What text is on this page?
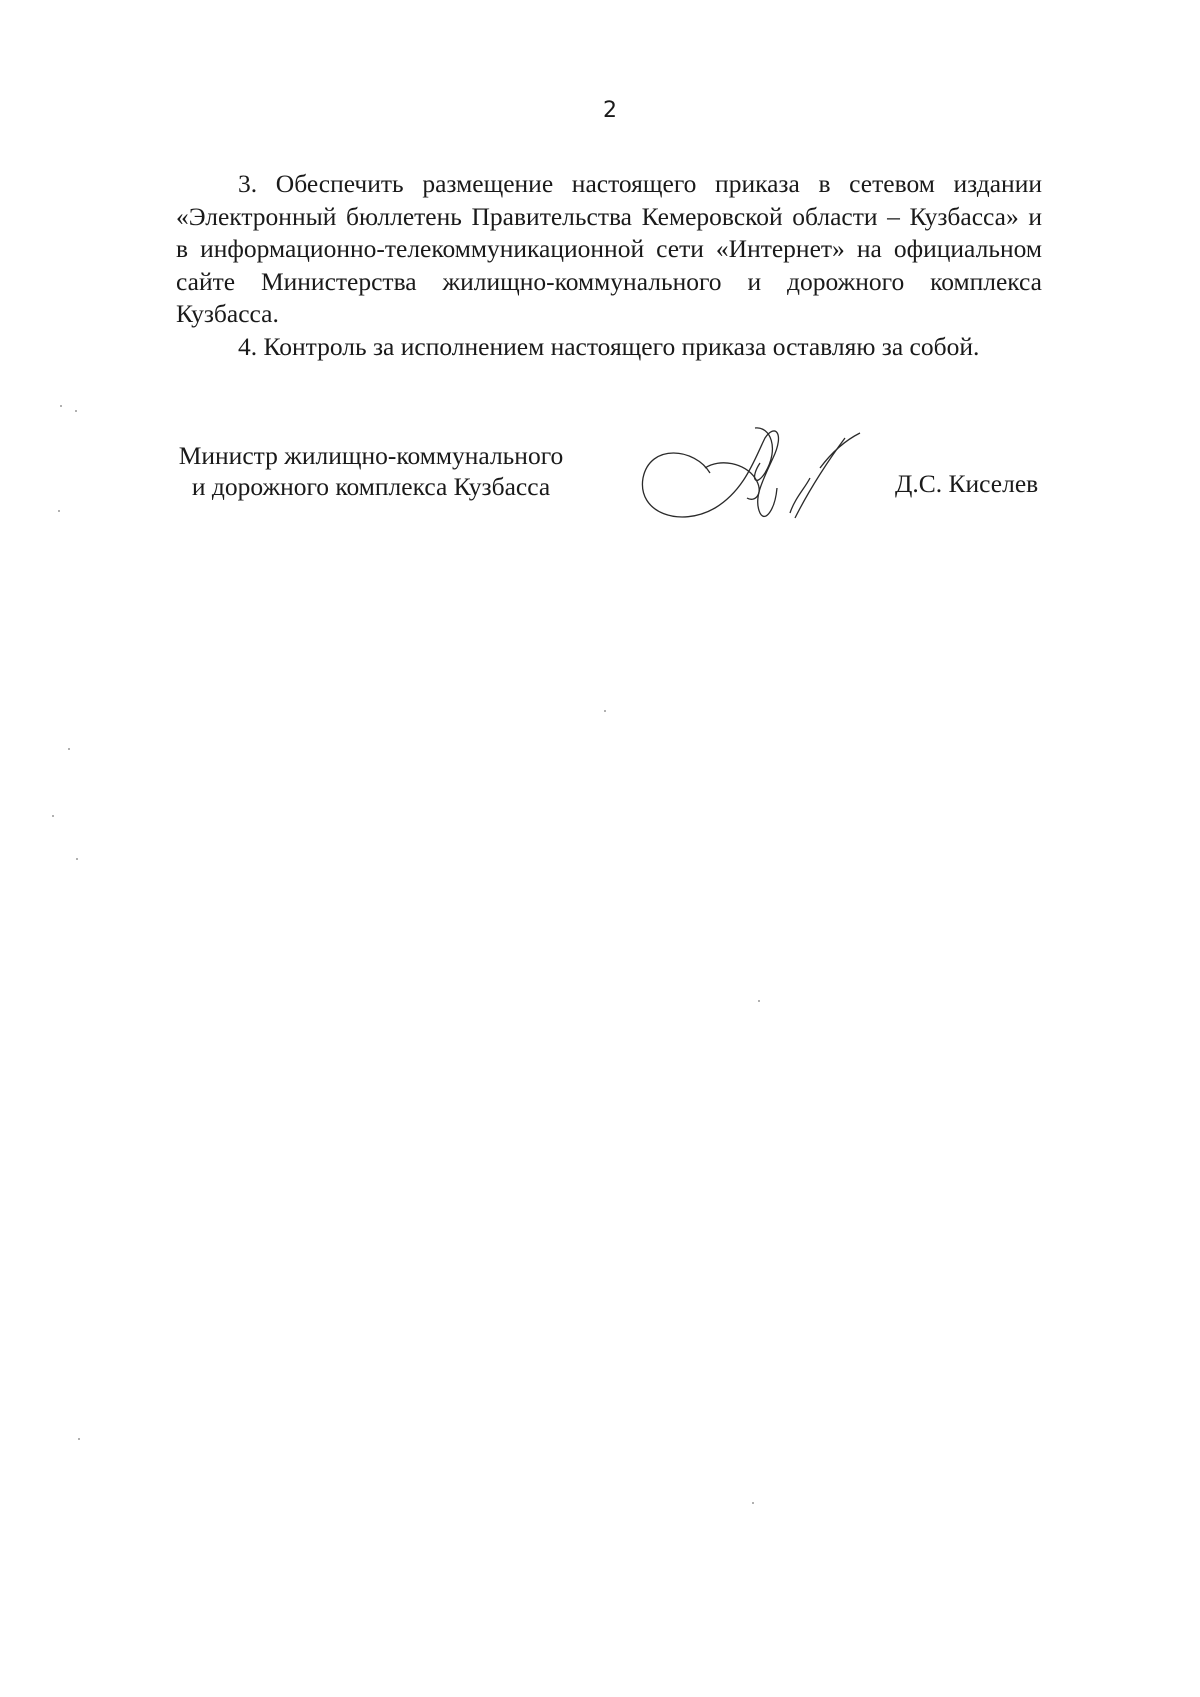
2

3. Обеспечить размещение настоящего приказа в сетевом издании
«Электронный бюллетень Правительства Кемеровской области – Кузбасса» и
в информационно-телекоммуникационной сети «Интернет» на официальном
сайте Министерства жилищно-коммунального и дорожного комплекса
Кузбасса.

4. Контроль за исполнением настоящего приказа оставляю за собой.

Министр жилищно-коммунального
и дорожного комплекса Кузбасса	Д.С. Киселев
